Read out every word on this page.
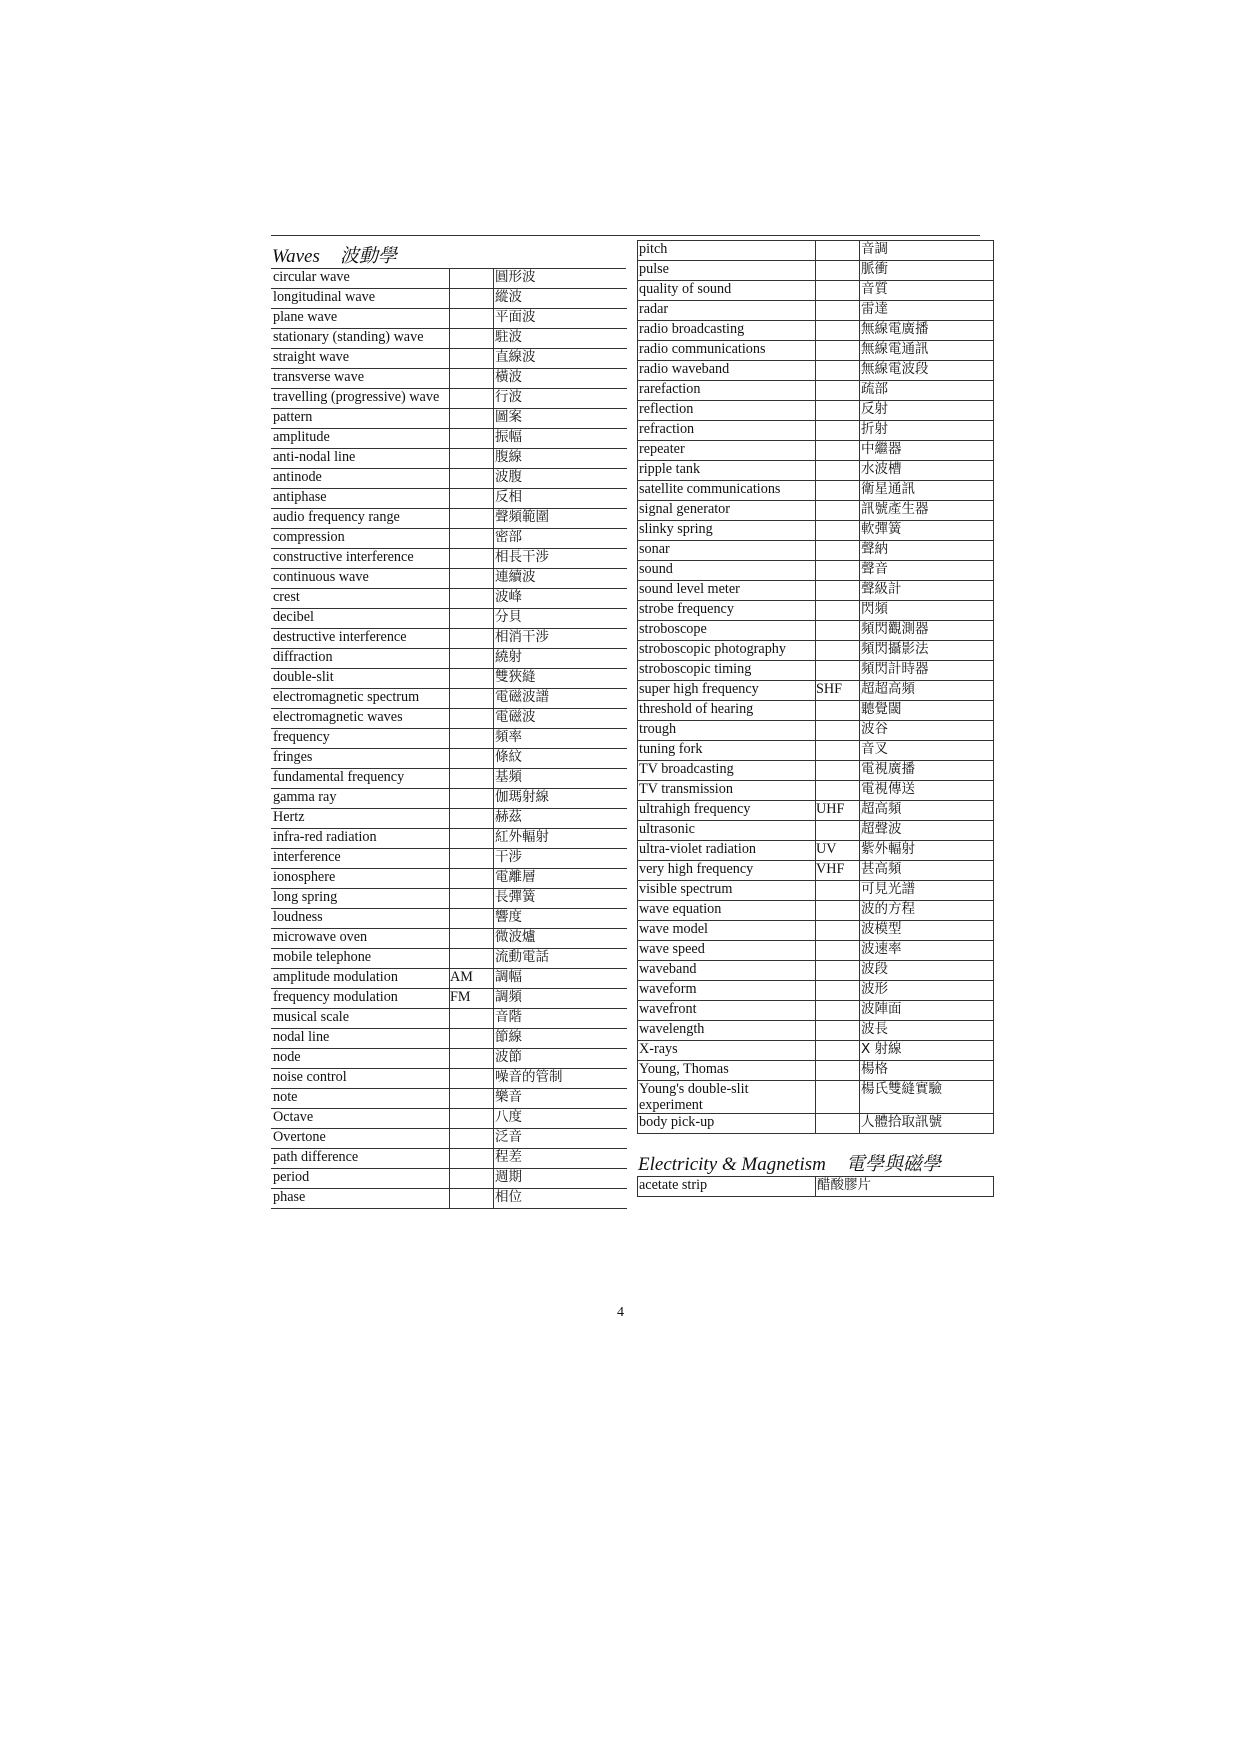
Waves 波動學
circular wave		圓形波
longitudinal wave		縱波
plane wave		平面波
stationary (standing) wave		駐波
straight wave		直線波
transverse wave		橫波
travelling (progressive) wave		行波
pattern		圖案
amplitude		振幅
anti-nodal line		腹線
antinode		波腹
antiphase		反相
audio frequency range		聲頻範圍
compression		密部
constructive interference		相長干涉
continuous wave		連續波
crest		波峰
decibel		分貝
destructive interference		相消干涉
diffraction		繞射
double-slit		雙狹縫
electromagnetic spectrum		電磁波譜
electromagnetic waves		電磁波
frequency		頻率
fringes		條紋
fundamental frequency		基頻
gamma ray		伽瑪射線
Hertz		赫茲
infra-red radiation		紅外輻射
interference		干涉
ionosphere		電離層
long spring		長彈簧
loudness		響度
microwave oven		微波爐
mobile telephone		流動電話
amplitude modulation	AM	調幅
frequency modulation	FM	調頻
musical scale		音階
nodal line		節線
node		波節
noise control		噪音的管制
note		樂音
Octave		八度
Overtone		泛音
path difference		程差
period		週期
phase		相位
pitch		音調
pulse		脈衝
quality of sound		音質
radar		雷達
radio broadcasting		無線電廣播
radio communications		無線電通訊
radio waveband		無線電波段
rarefaction		疏部
reflection		反射
refraction		折射
repeater		中繼器
ripple tank		水波槽
satellite communications		衛星通訊
signal generator		訊號產生器
slinky spring		軟彈簧
sonar		聲納
sound		聲音
sound level meter		聲級計
strobe frequency		閃頻
stroboscope		頻閃觀測器
stroboscopic photography		頻閃攝影法
stroboscopic timing		頻閃計時器
super high frequency	SHF	超超高頻
threshold of hearing		聽覺閾
trough		波谷
tuning fork		音叉
TV broadcasting		電視廣播
TV transmission		電視傳送
ultrahigh frequency	UHF	超高頻
ultrasonic		超聲波
ultra-violet radiation	UV	紫外輻射
very high frequency	VHF	甚高頻
visible spectrum		可見光譜
wave equation		波的方程
wave model		波模型
wave speed		波速率
waveband		波段
waveform		波形
wavefront		波陣面
wavelength		波長
X-rays		X 射線
Young, Thomas		楊格
Young's double-slit experiment		楊氏雙縫實驗
body pick-up		人體拾取訊號
Electricity & Magnetism 電學與磁學
acetate strip	醋酸膠片
4
